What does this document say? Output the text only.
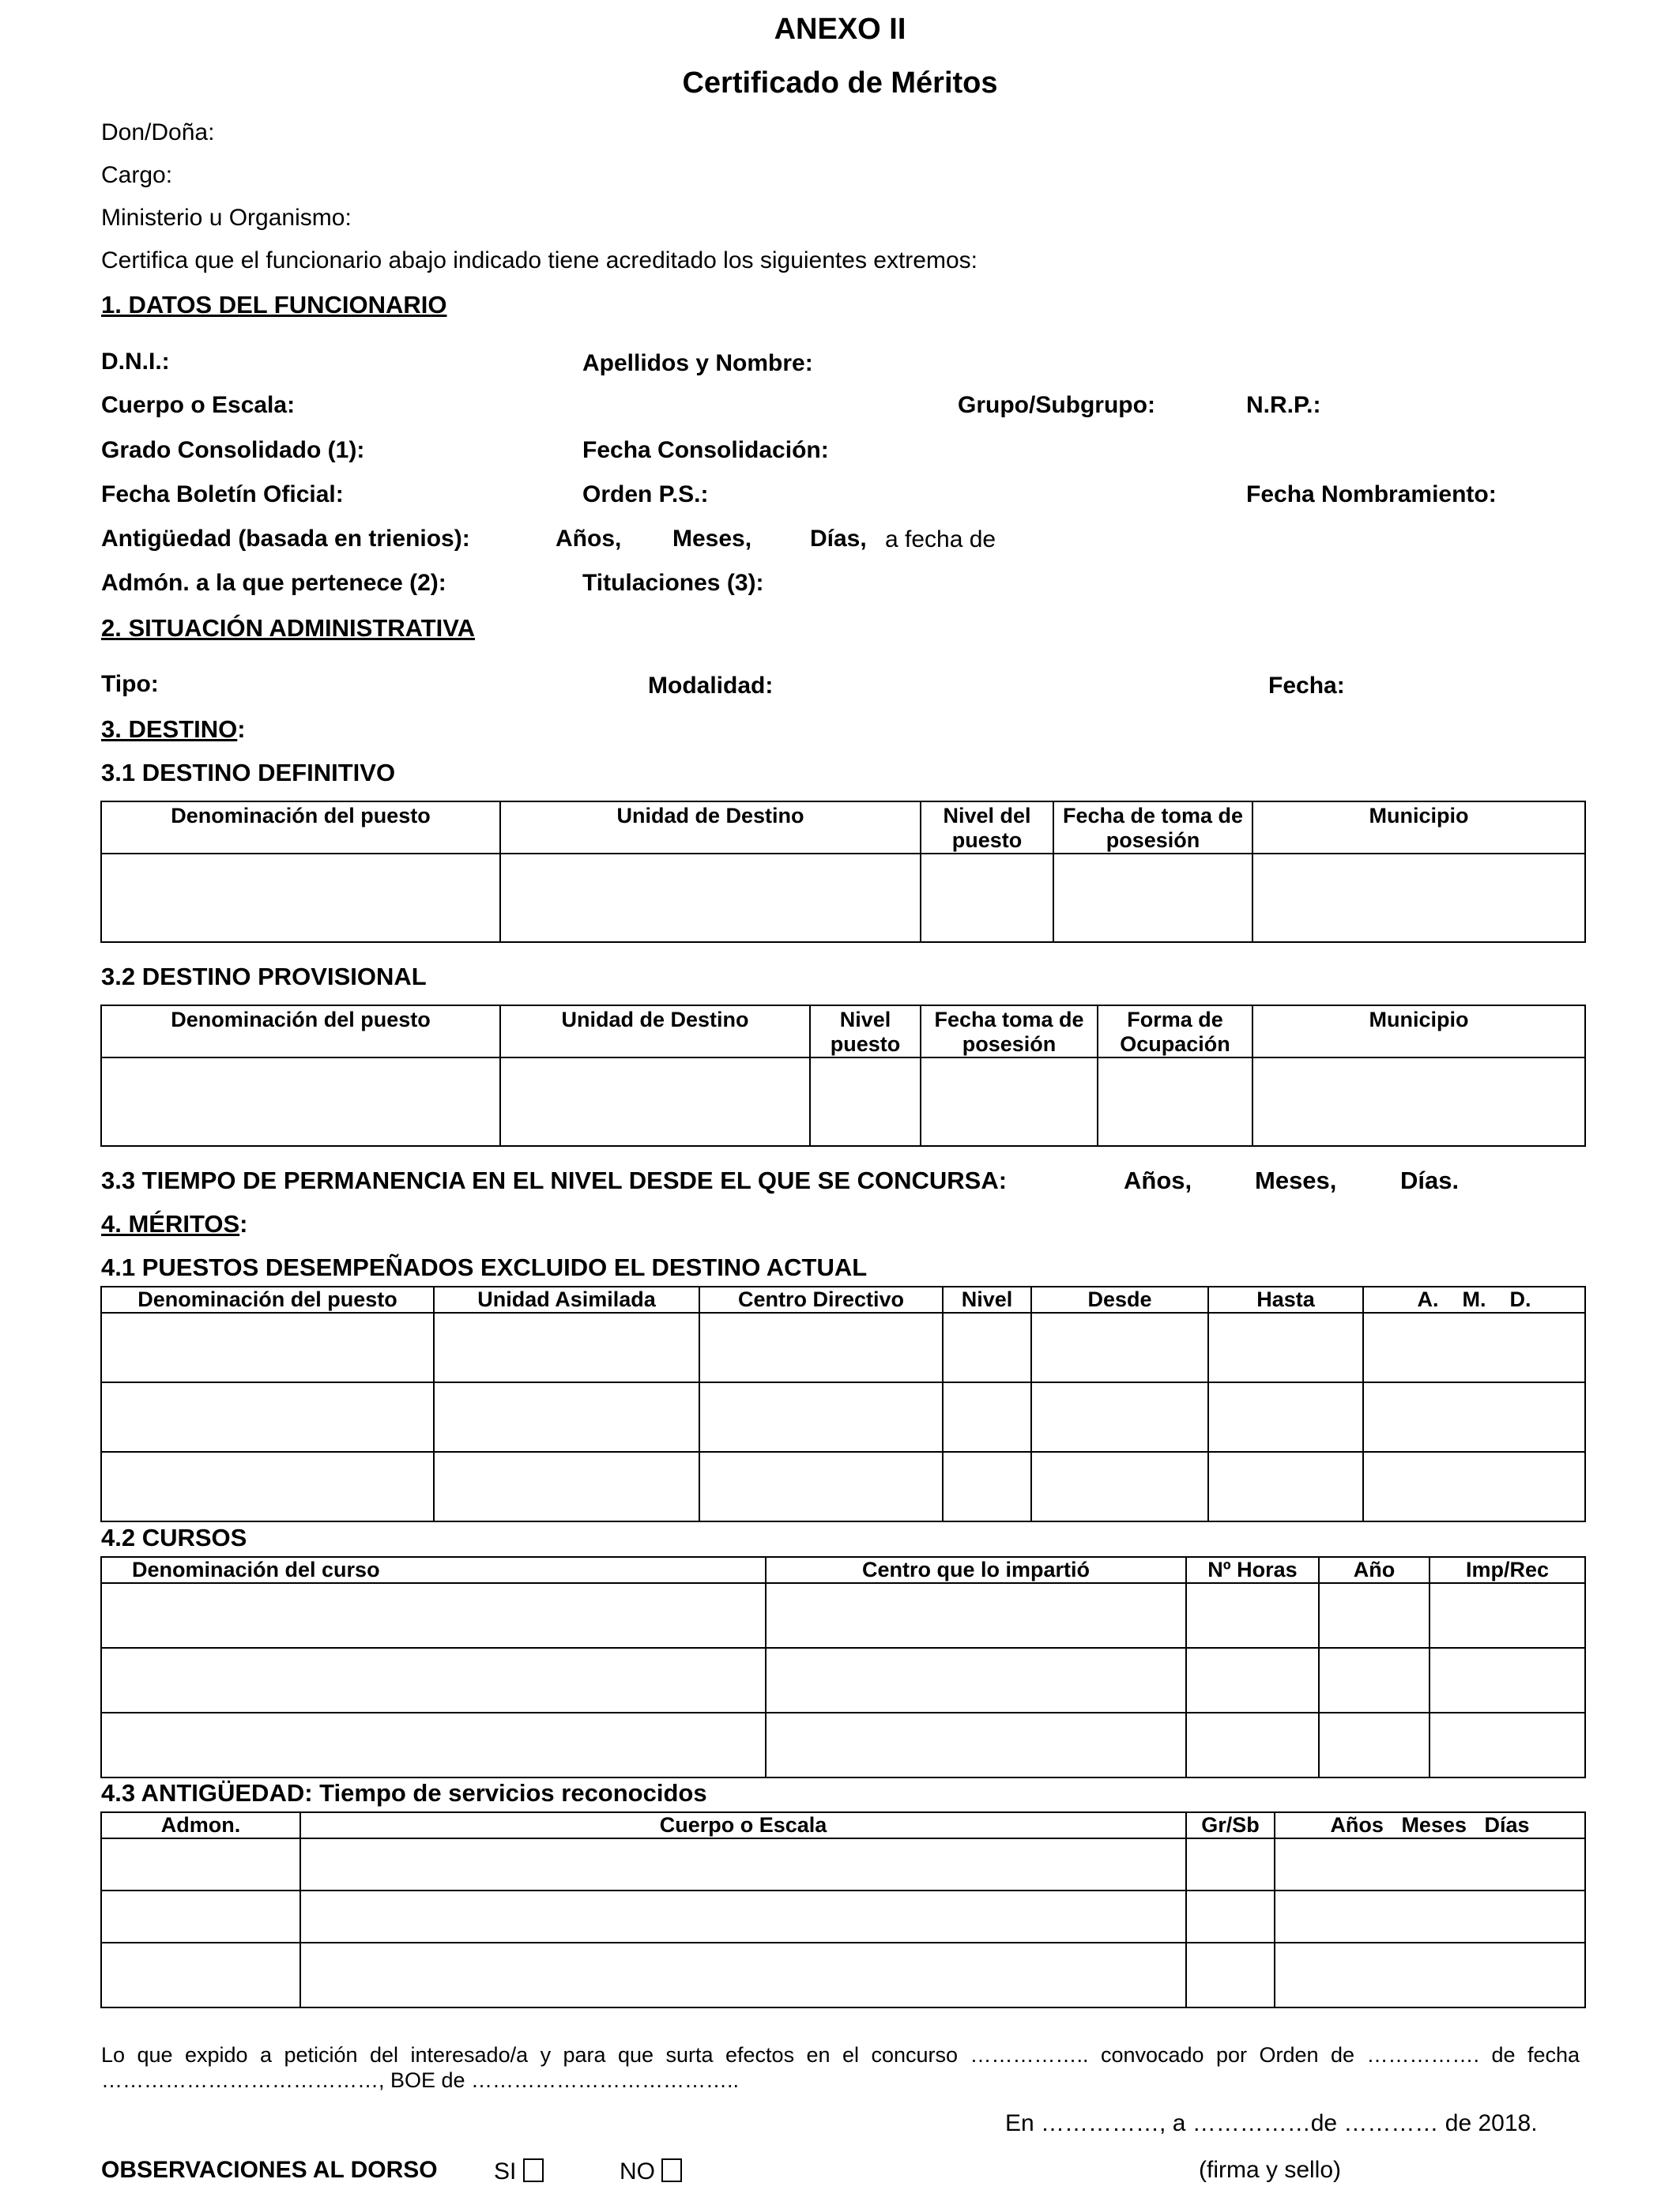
ANEXO II
Certificado de Méritos
Don/Doña:
Cargo:
Ministerio u Organismo:
Certifica que el funcionario abajo indicado tiene acreditado los siguientes extremos:
1. DATOS DEL FUNCIONARIO
D.N.I.:	Apellidos y Nombre:
Cuerpo o Escala:	Grupo/Subgrupo:	N.R.P.:
Grado Consolidado (1):	Fecha Consolidación:
Fecha Boletín Oficial:	Orden P.S.:	Fecha Nombramiento:
Antigüedad (basada en trienios):	Años, Meses, Días, a fecha de
Admón. a la que pertenece (2):	Titulaciones (3):
2. SITUACIÓN ADMINISTRATIVA
Tipo:	Modalidad:	Fecha:
3. DESTINO:
3.1 DESTINO DEFINITIVO
Denominación del puesto	Unidad de Destino	Nivel del puesto	Fecha de toma de posesión	Municipio

3.2 DESTINO PROVISIONAL
Denominación del puesto	Unidad de Destino	Nivel puesto	Fecha toma de posesión	Forma de Ocupación	Municipio

3.3 TIEMPO DE PERMANENCIA EN EL NIVEL DESDE EL QUE SE CONCURSA:	Años,	Meses,	Días.
4. MÉRITOS:
4.1 PUESTOS DESEMPEÑADOS EXCLUIDO EL DESTINO ACTUAL
Denominación del puesto	Unidad Asimilada	Centro Directivo	Nivel	Desde	Hasta	A.    M.    D.

4.2 CURSOS
Denominación del curso	Centro que lo impartió	Nº Horas	Año	Imp/Rec

4.3 ANTIGÜEDAD: Tiempo de servicios reconocidos
Admon.	Cuerpo o Escala	Gr/Sb	Años   Meses   Días

Lo que expido a petición del interesado/a y para que surta efectos en el concurso …………….. convocado por Orden de ……………. de fecha …………………………………, BOE de ………………………………..
En ……………, a ……………de ………… de 2018.
OBSERVACIONES AL DORSO SI	NO	(firma y sello)
